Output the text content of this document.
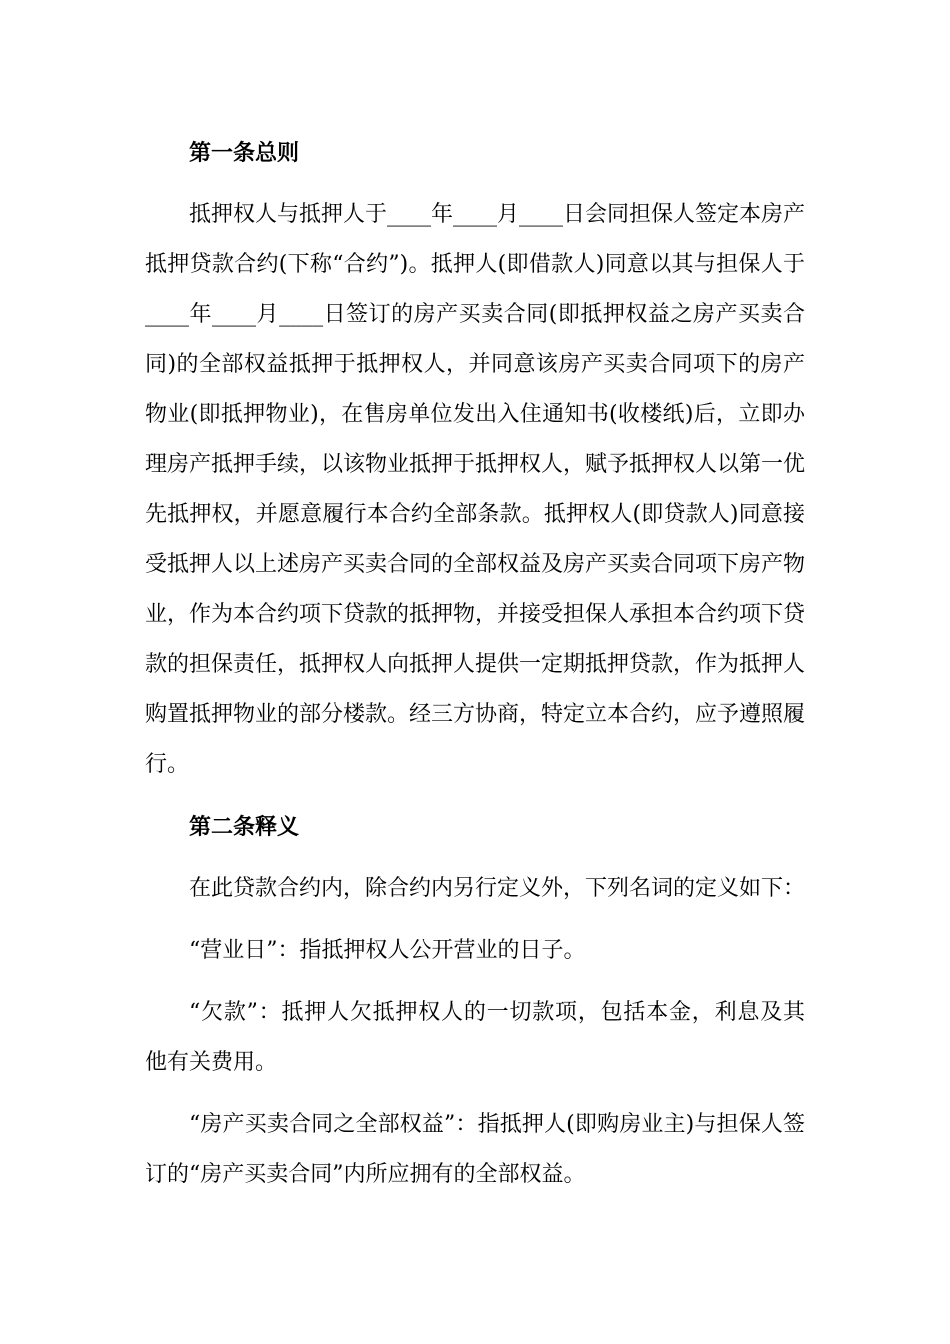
第一条总则

抵押权人与抵押人于____年____月____日会同担保人签定本房产抵押贷款合约(下称“合约”)。抵押人(即借款人)同意以其与担保人于____年____月____日签订的房产买卖合同(即抵押权益之房产买卖合同)的全部权益抵押于抵押权人，并同意该房产买卖合同项下的房产物业(即抵押物业)，在售房单位发出入住通知书(收楼纸)后，立即办理房产抵押手续，以该物业抵押于抵押权人，赋予抵押权人以第一优先抵押权，并愿意履行本合约全部条款。抵押权人(即贷款人)同意接受抵押人以上述房产买卖合同的全部权益及房产买卖合同项下房产物业，作为本合约项下贷款的抵押物，并接受担保人承担本合约项下贷款的担保责任，抵押权人向抵押人提供一定期抵押贷款，作为抵押人购置抵押物业的部分楼款。经三方协商，特定立本合约，应予遵照履行。

第二条释义

在此贷款合约内，除合约内另行定义外，下列名词的定义如下：

“营业日”：指抵押权人公开营业的日子。

“欠款”：抵押人欠抵押权人的一切款项，包括本金，利息及其他有关费用。

“房产买卖合同之全部权益”：指抵押人(即购房业主)与担保人签订的“房产买卖合同”内所应拥有的全部权益。
